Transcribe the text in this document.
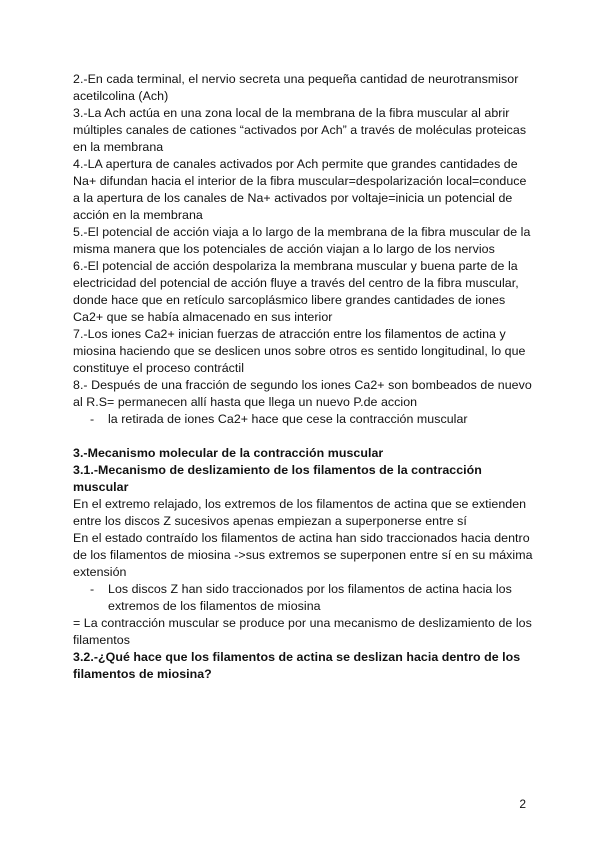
2.-En cada terminal, el nervio secreta una pequeña cantidad de neurotransmisor acetilcolina (Ach)

3.-La Ach actúa en una zona local de la membrana de la fibra muscular al abrir múltiples canales de cationes “activados por Ach” a través de moléculas proteicas en la membrana

4.-LA apertura de canales activados por Ach permite que grandes cantidades de Na+ difundan hacia el interior de la fibra muscular=despolarización local=conduce a la apertura de los canales de Na+ activados por voltaje=inicia un potencial de acción en la membrana

5.-El potencial de acción viaja a lo largo de la membrana de la fibra muscular de la misma manera que los potenciales de acción viajan a lo largo de los nervios

6.-El potencial de acción despolariza la membrana muscular y buena parte de la electricidad del potencial de acción fluye a través del centro de la fibra muscular, donde hace que en retículo sarcoplásmico libere grandes cantidades de iones Ca2+ que se había almacenado en sus interior

7.-Los iones Ca2+ inician fuerzas de atracción entre los filamentos de actina y miosina haciendo que se deslicen unos sobre otros es sentido longitudinal, lo que constituye el proceso contráctil

8.- Después de una fracción de segundo los iones Ca2+ son bombeados de nuevo al R.S= permanecen allí hasta que llega un nuevo P.de accion

- la retirada de iones Ca2+ hace que cese la contracción muscular

3.-Mecanismo molecular de la contracción muscular

3.1.-Mecanismo de deslizamiento de los filamentos de la contracción muscular

En el extremo relajado, los extremos de los filamentos de actina que se extienden entre los discos Z sucesivos apenas empiezan a superponerse entre sí

En el estado contraído los filamentos de actina han sido traccionados hacia dentro de los filamentos de miosina ->sus extremos se superponen entre sí en su máxima extensión

- Los discos Z han sido traccionados por los filamentos de actina hacia los extremos de los filamentos de miosina

= La contracción muscular se produce por una mecanismo de deslizamiento de los filamentos

3.2.-¿Qué hace que los filamentos de actina se deslizan hacia dentro de los filamentos de miosina?

2
